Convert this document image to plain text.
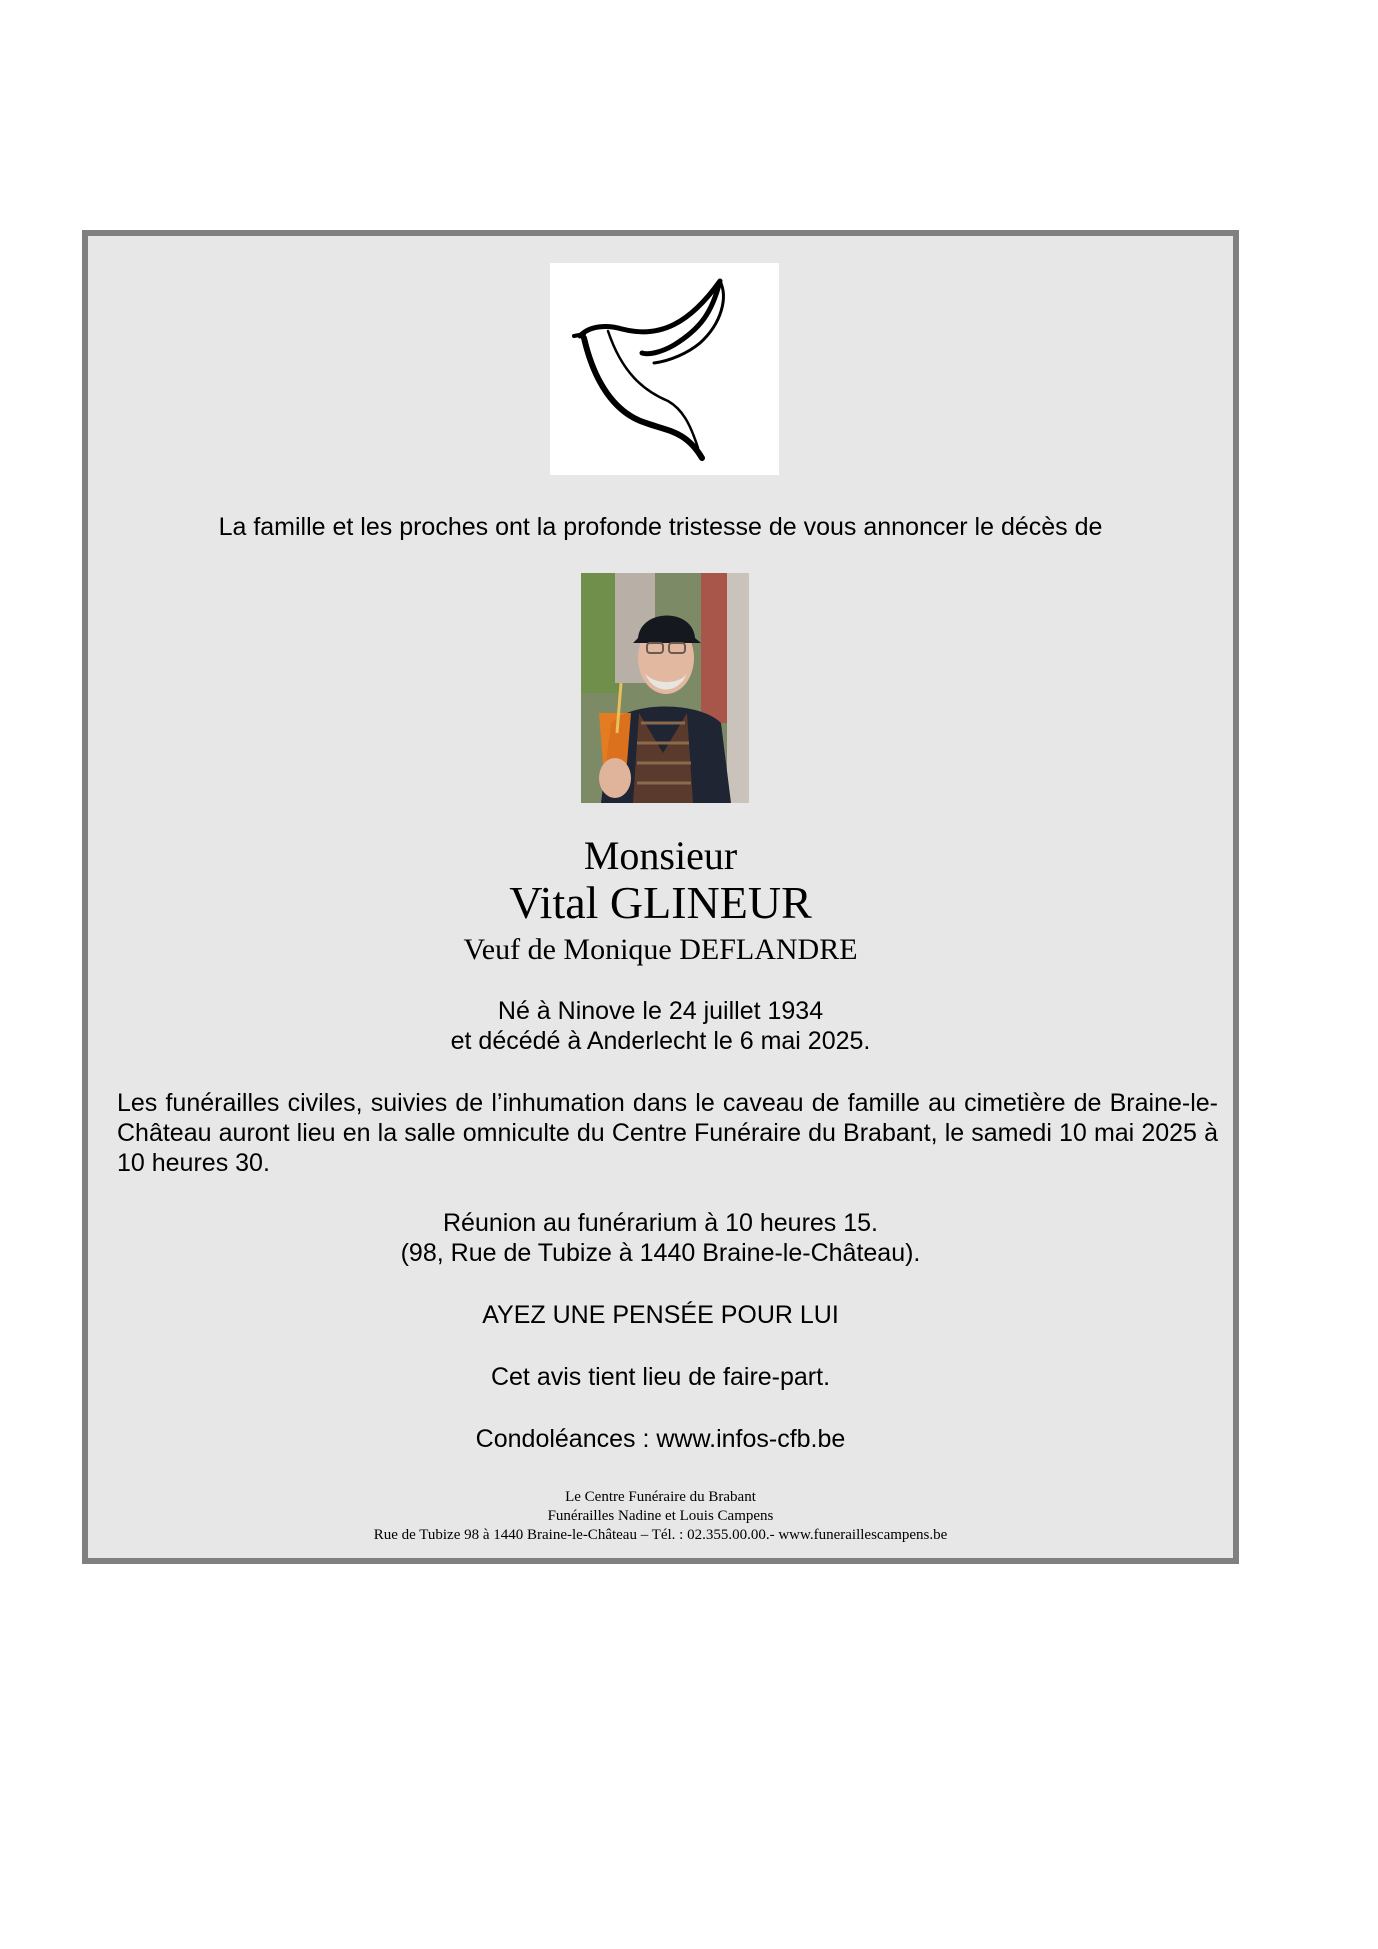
La famille et les proches ont la profonde tristesse de vous annoncer le décès de
Monsieur
Vital GLINEUR
Veuf de Monique DEFLANDRE
Né à Ninove le 24 juillet 1934
et décédé à Anderlecht le 6 mai 2025.

Les funérailles civiles, suivies de l’inhumation dans le caveau de famille au cimetière de Braine-le-Château auront lieu en la salle omniculte du Centre Funéraire du Brabant, le samedi 10 mai 2025 à 10 heures 30.

Réunion au funérarium à 10 heures 15.
(98, Rue de Tubize à 1440 Braine-le-Château).
AYEZ UNE PENSÉE POUR LUI
Cet avis tient lieu de faire-part.
Condoléances : www.infos-cfb.be
Le Centre Funéraire du Brabant
Funérailles Nadine et Louis Campens
Rue de Tubize 98 à 1440 Braine-le-Château – Tél. : 02.355.00.00.- www.funeraillescampens.be
